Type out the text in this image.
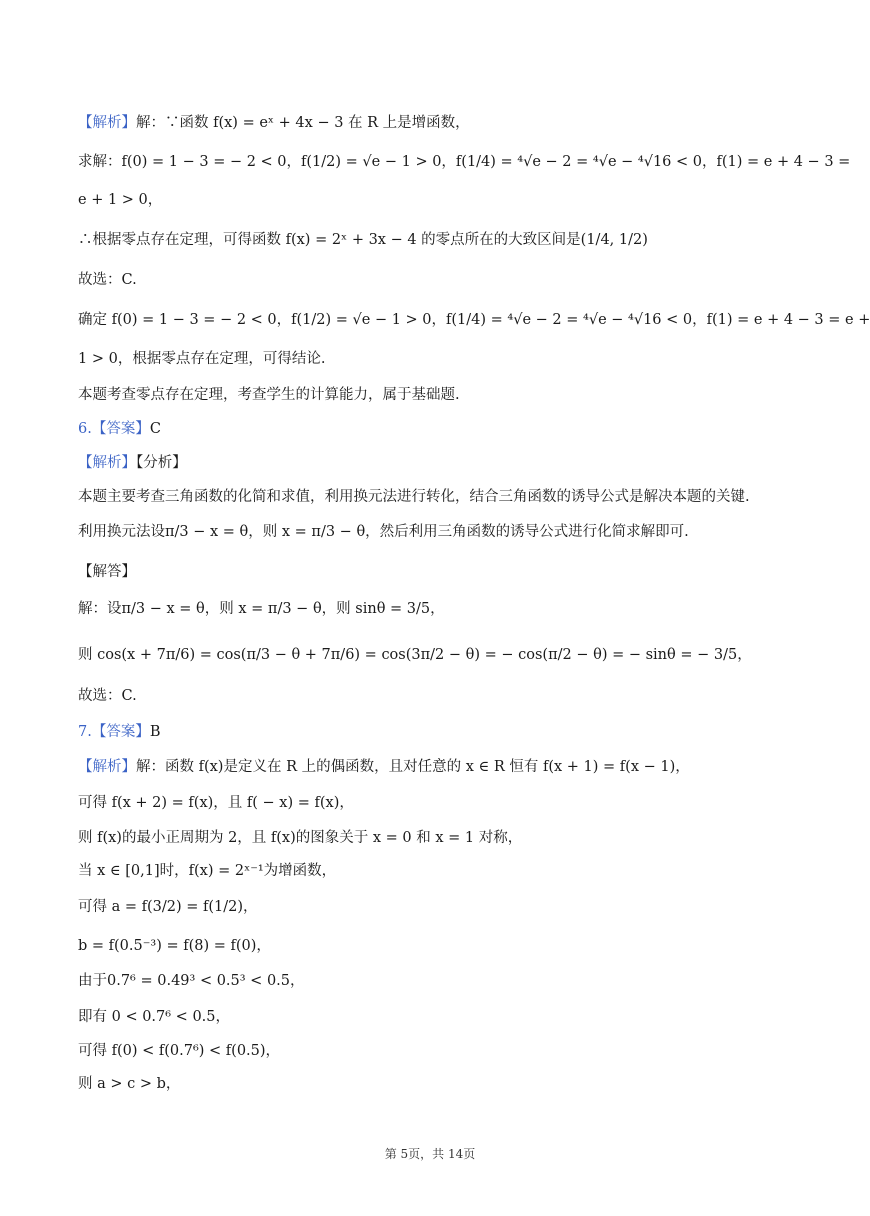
【解析】解：∵函数 f(x) = eˣ + 4x − 3 在 R 上是增函数，
求解：f(0) = 1 − 3 = − 2 < 0，f(1/2) = √e − 1 > 0，f(1/4) = ⁴√e − 2 = ⁴√e − ⁴√16 < 0，f(1) = e + 4 − 3 =
e + 1 > 0，
∴根据零点存在定理，可得函数 f(x) = 2ˣ + 3x − 4 的零点所在的大致区间是(1/4, 1/2)
故选：C.
确定 f(0) = 1 − 3 = − 2 < 0，f(1/2) = √e − 1 > 0，f(1/4) = ⁴√e − 2 = ⁴√e − ⁴√16 < 0，f(1) = e + 4 − 3 = e +
1 > 0，根据零点存在定理，可得结论.
本题考查零点存在定理，考查学生的计算能力，属于基础题.
6.【答案】C
【解析】【分析】
本题主要考查三角函数的化简和求值，利用换元法进行转化，结合三角函数的诱导公式是解决本题的关键.
利用换元法设π/3 − x = θ，则 x = π/3 − θ，然后利用三角函数的诱导公式进行化简求解即可.
【解答】
解：设π/3 − x = θ，则 x = π/3 − θ，则 sinθ = 3/5，
则 cos(x + 7π/6) = cos(π/3 − θ + 7π/6) = cos(3π/2 − θ) = − cos(π/2 − θ) = − sinθ = − 3/5，
故选：C.
7.【答案】B
【解析】解：函数 f(x)是定义在 R 上的偶函数，且对任意的 x ∈ R 恒有 f(x + 1) = f(x − 1)，
可得 f(x + 2) = f(x)，且 f( − x) = f(x)，
则 f(x)的最小正周期为 2，且 f(x)的图象关于 x = 0 和 x = 1 对称，
当 x ∈ [0,1]时，f(x) = 2ˣ⁻¹为增函数，
可得 a = f(3/2) = f(1/2)，
b = f(0.5⁻³) = f(8) = f(0)，
由于0.7⁶ = 0.49³ < 0.5³ < 0.5，
即有 0 < 0.7⁶ < 0.5，
可得 f(0) < f(0.7⁶) < f(0.5)，
则 a > c > b，
第 5页，共 14页
